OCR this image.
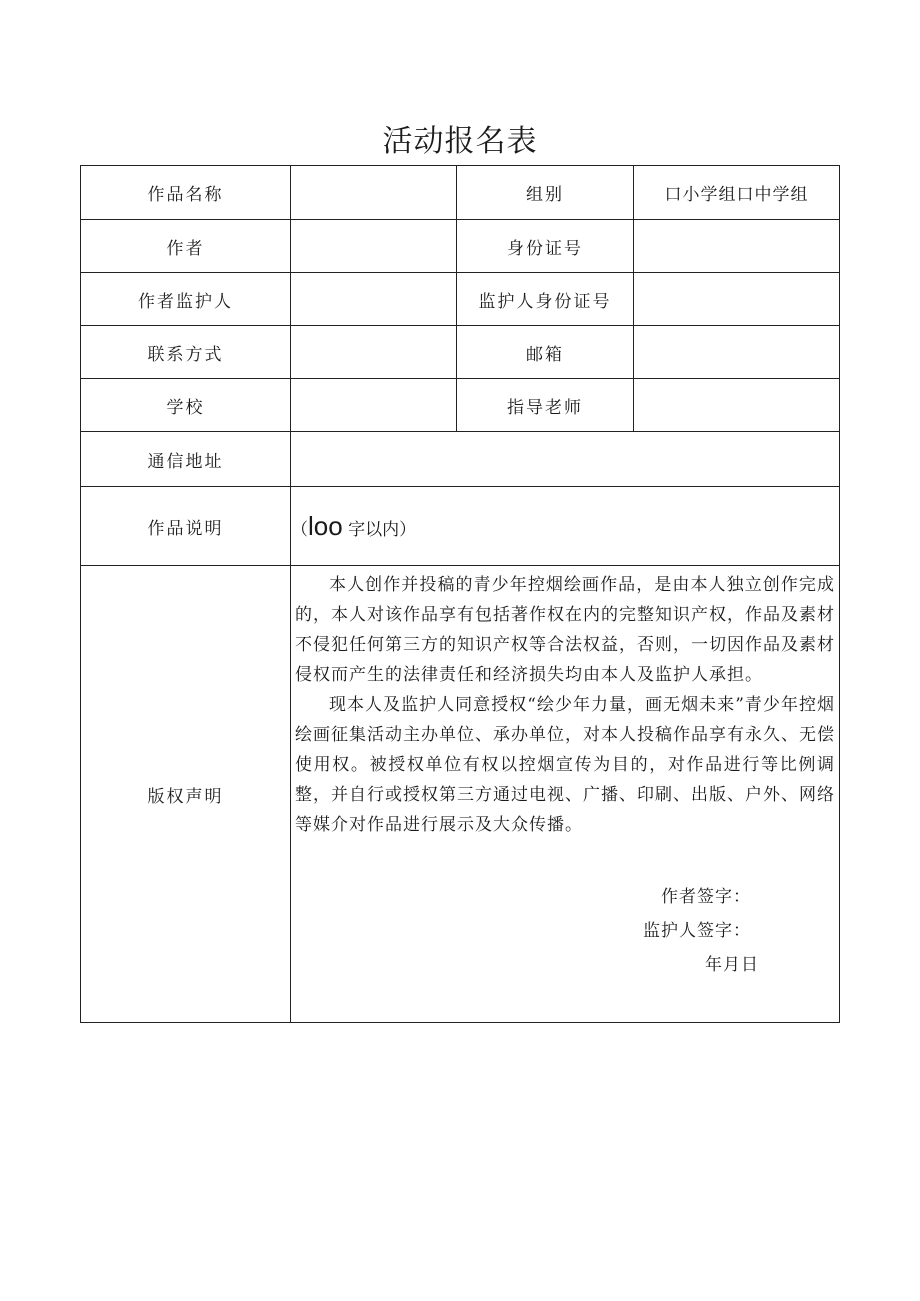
活动报名表
作品名称		组别	口小学组口中学组
作者		身份证号	
作者监护人		监护人身份证号	
联系方式		邮箱	
学校		指导老师	
通信地址			
作品说明	（loo 字以内）		
版权声明	本人创作并投稿的青少年控烟绘画作品，是由本人独立创作完成的，本人对该作品享有包括著作权在内的完整知识产权，作品及素材不侵犯任何第三方的知识产权等合法权益，否则，一切因作品及素材侵权而产生的法律责任和经济损失均由本人及监护人承担。

现本人及监护人同意授权“绘少年力量，画无烟未来”青少年控烟绘画征集活动主办单位、承办单位，对本人投稿作品享有永久、无偿使用权。被授权单位有权以控烟宣传为目的，对作品进行等比例调整，并自行或授权第三方通过电视、广播、印刷、出版、户外、网络等媒介对作品进行展示及大众传播。

作者签字：
监护人签字：
年月日		
